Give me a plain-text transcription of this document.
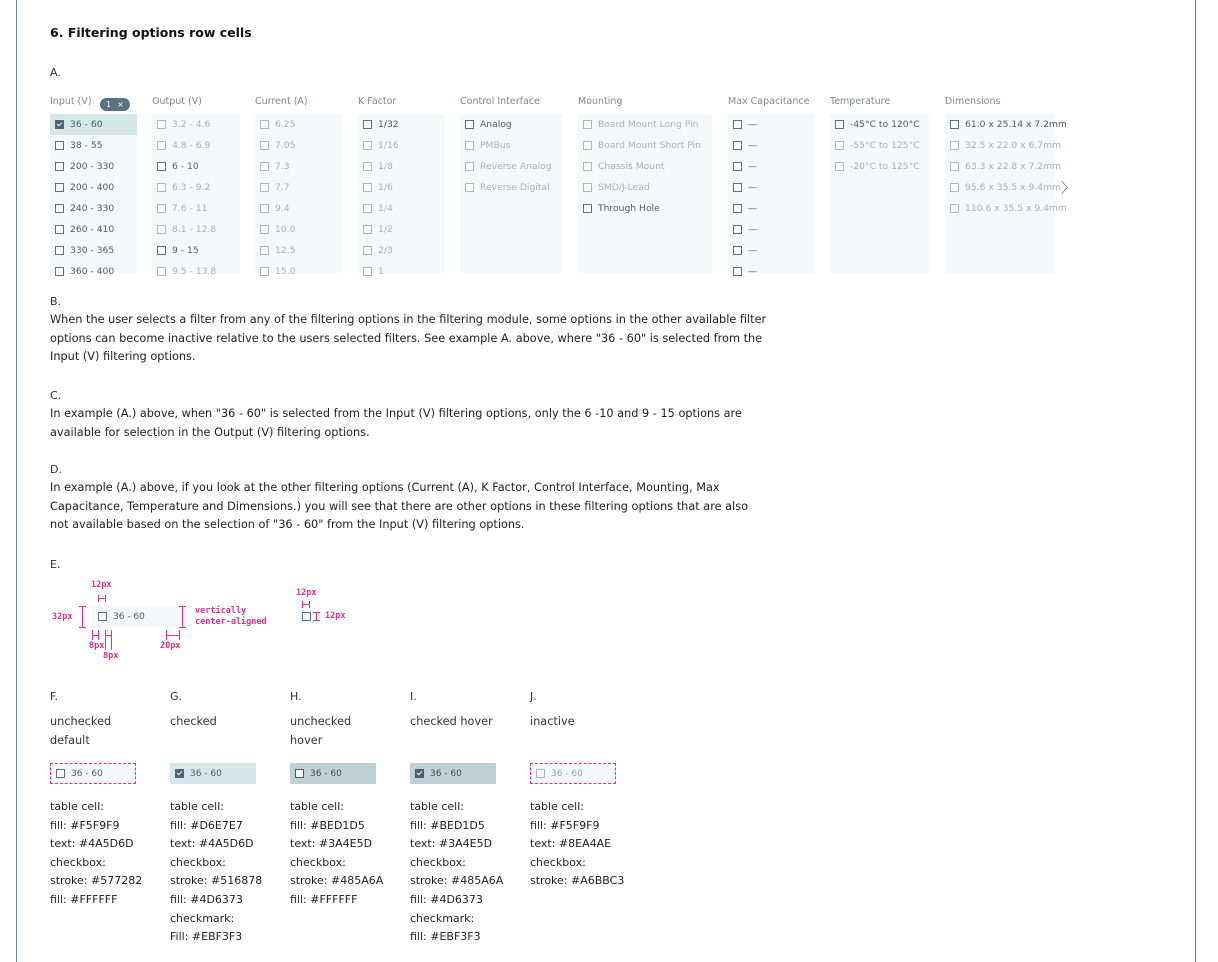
6. Filtering options row cells
A.
Input (V) 1 ×
36 - 60
38 - 55
200 - 330
200 - 400
240 - 330
260 - 410
330 - 365
360 - 400
Output (V)
3.2 - 4.6
4.8 - 6.9
6 - 10
6.3 - 9.2
7.6 - 11
8.1 - 12.8
9 - 15
9.5 - 13.8
Current (A)
6.25
7.05
7.3
7.7
9.4
10.0
12.5
15.0
K Factor
1/32
1/16
1/8
1/6
1/4
1/2
2/3
1
Control Interface
Analog
PMBus
Reverse Analog
Reverse Digital
Mounting
Board Mount Long Pin
Board Mount Short Pin
Chassis Mount
SMD/J-Lead
Through Hole
Max Capacitance
—
—
—
—
—
—
—
—
Temperature
-45°C to 120°C
-55°C to 125°C
-20°C to 125°C
Dimensions
61.0 x 25.14 x 7.2mm
32.5 x 22.0 x 6.7mm
63.3 x 22.8 x 7.2mm
95.6 x 35.5 x 9.4mm
110.6 x 35.5 x 9.4mm
〉
B.
When the user selects a filter from any of the filtering options in the filtering module, some options in the other available filter options can become inactive relative to the users selected filters. See example A. above, where "36 - 60" is selected from the Input (V) filtering options.
C.
In example (A.) above, when "36 - 60" is selected from the Input (V) filtering options, only the 6 -10 and 9 - 15 options are available for selection in the Output (V) filtering options.
D.
In example (A.) above, if you look at the other filtering options (Current (A), K Factor, Control Interface, Mounting, Max Capacitance, Temperature and Dimensions.) you will see that there are other options in these filtering options that are also not available based on the selection of "36 - 60" from the Input (V) filtering options.
E.
12px
32px	36 - 60
vertically
center-aligned
8px
8px
20px
12px
12px
F.
unchecked
default
36 - 60
table cell:
fill: #F5F9F9
text: #4A5D6D
checkbox:
stroke: #577282
fill: #FFFFFF
G.
checked
36 - 60
table cell:
fill: #D6E7E7
text: #4A5D6D
checkbox:
stroke: #516878
fill: #4D6373
checkmark:
Fill: #EBF3F3
H.
unchecked
hover
36 - 60
table cell:
fill: #BED1D5
text: #3A4E5D
checkbox:
stroke: #485A6A
fill: #FFFFFF
I.
checked hover
36 - 60
table cell:
fill: #BED1D5
text: #3A4E5D
checkbox:
stroke: #485A6A
fill: #4D6373
checkmark:
fill: #EBF3F3
J.
inactive
36 - 60
table cell:
fill: #F5F9F9
text: #8EA4AE
checkbox:
stroke: #A6BBC3
